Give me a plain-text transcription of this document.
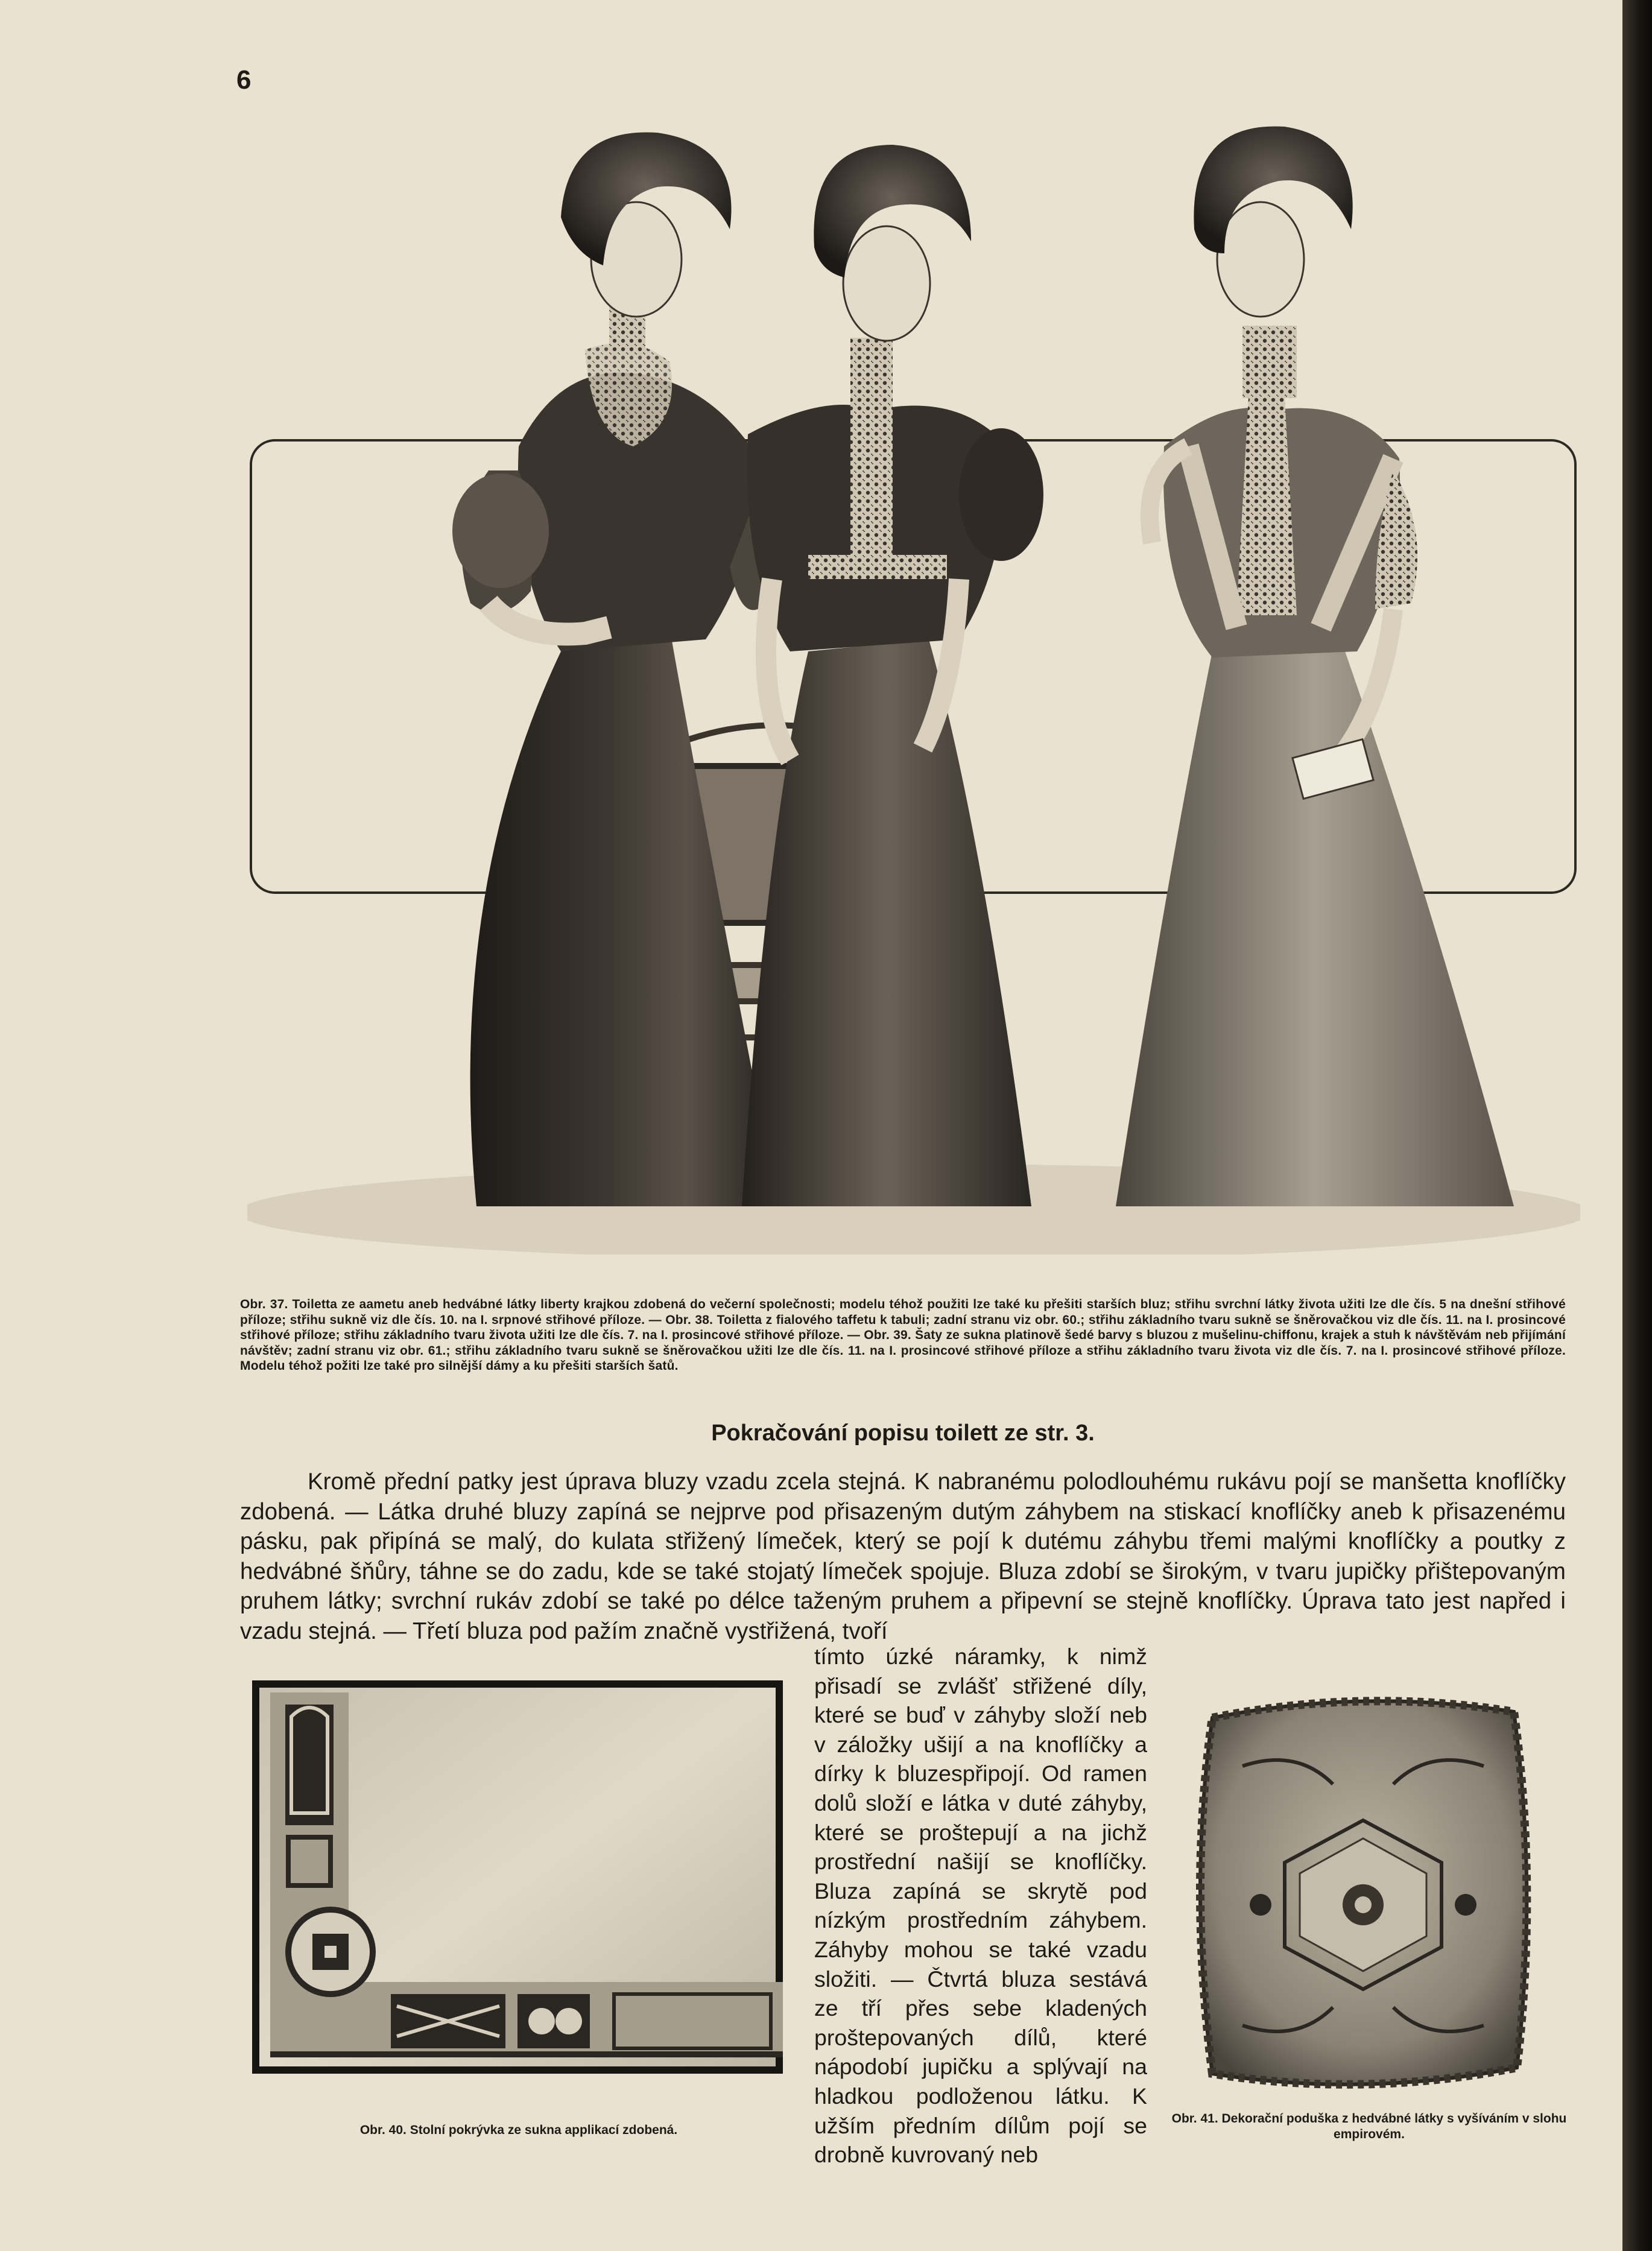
6
Obr. 37. Toiletta ze aametu aneb hedvábné látky liberty krajkou zdobená do večerní společnosti; modelu téhož použiti lze také ku přešiti starších bluz; střihu svrchní látky života užiti lze dle čís. 5 na dnešní střihové příloze; střihu sukně viz dle čís. 10. na I. srpnové střihové příloze. — Obr. 38. Toiletta z fialového taffetu k tabuli; zadní stranu viz obr. 60.; střihu základního tvaru sukně se šněrovačkou viz dle čís. 11. na I. prosincové střihové příloze; střihu základního tvaru života užiti lze dle čís. 7. na I. prosincové střihové příloze. — Obr. 39. Šaty ze sukna platinově šedé barvy s bluzou z mušelinu-chiffonu, krajek a stuh k návštěvám neb přijímání návštěv; zadní stranu viz obr. 61.; střihu základního tvaru sukně se šněrovačkou užiti lze dle čís. 11. na I. prosincové střihové příloze a střihu základního tvaru života viz dle čís. 7. na I. prosincové střihové příloze. Modelu téhož požiti lze také pro silnější dámy a ku přešiti starších šatů.
Pokračování popisu toilett ze str. 3.

Kromě přední patky jest úprava bluzy vzadu zcela stejná. K nabranému polodlouhému rukávu pojí se manšetta knoflíčky zdobená. — Látka druhé bluzy zapíná se nejprve pod přisazeným dutým záhybem na stiskací knoflíčky aneb k přisazenému pásku, pak připíná se malý, do kulata střižený límeček, který se pojí k dutému záhybu třemi malými knoflíčky a poutky z hedvábné šňůry, táhne se do zadu, kde se také stojatý límeček spojuje. Bluza zdobí se širokým, v tvaru jupičky přištepovaným pruhem látky; svrchní rukáv zdobí se také po délce taženým pruhem a připevní se stejně knoflíčky. Úprava tato jest napřed i vzadu stejná. — Třetí bluza pod pažím značně vystřižená, tvoří

tímto úzké náramky, k nimž přisadí se zvlášť střižené díly, které se buď v záhyby složí neb v záložky ušijí a na knoflíčky a dírky k bluzespřipojí. Od ramen dolů složí e látka v duté záhyby, které se proštepují a na jichž prostřední našijí se knoflíčky. Bluza zapíná se skrytě pod nízkým prostředním záhybem. Záhyby mohou se také vzadu složiti. — Čtvrtá bluza sestává ze tří přes sebe kladených proštepovaných dílů, které nápodobí jupičku a splývají na hladkou podloženou látku. K užším předním dílům pojí se drobně kuvrovaný neb
Obr. 40. Stolní pokrývka ze sukna applikací zdobená.
Obr. 41. Dekorační poduška z hedvábné látky s vyšíváním v slohu empirovém.
